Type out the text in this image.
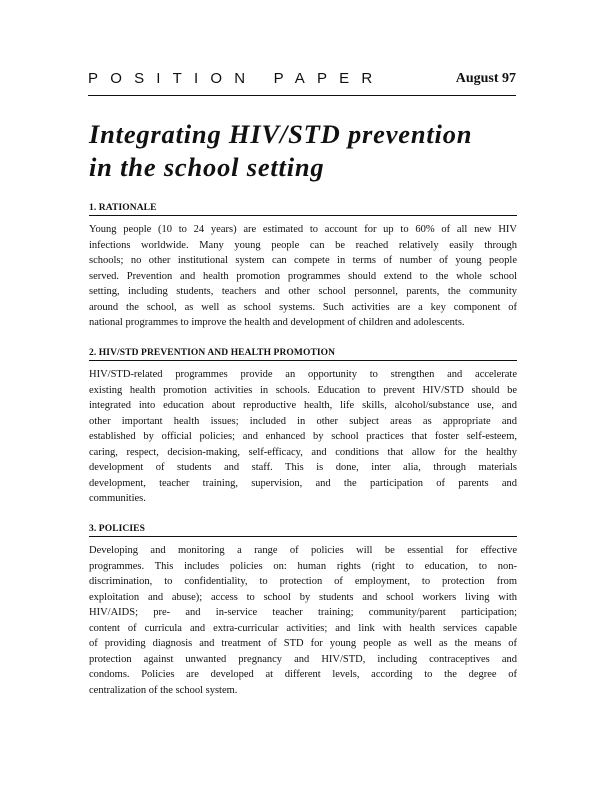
POSITION PAPER	August 97
Integrating HIV/STD prevention
in the school setting
1. RATIONALE
Young people (10 to 24 years) are estimated to account for up to 60% of all new HIV
infections worldwide. Many young people can be reached relatively easily through
schools; no other institutional system can compete in terms of number of young people
served. Prevention and health promotion programmes should extend to the whole school
setting, including students, teachers and other school personnel, parents, the community
around the school, as well as school systems. Such activities are a key component of
national programmes to improve the health and development of children and adolescents.
2. HIV/STD PREVENTION AND HEALTH PROMOTION
HIV/STD-related programmes provide an opportunity to strengthen and accelerate
existing health promotion activities in schools. Education to prevent HIV/STD should be
integrated into education about reproductive health, life skills, alcohol/substance use, and
other important health issues; included in other subject areas as appropriate and
established by official policies; and enhanced by school practices that foster self-esteem,
caring, respect, decision-making, self-efficacy, and conditions that allow for the healthy
development of students and staff. This is done, inter alia, through materials
development, teacher training, supervision, and the participation of parents and
communities.
3. POLICIES
Developing and monitoring a range of policies will be essential for effective
programmes. This includes policies on: human rights (right to education, to non-
discrimination, to confidentiality, to protection of employment, to protection from
exploitation and abuse); access to school by students and school workers living with
HIV/AIDS; pre- and in-service teacher training; community/parent participation;
content of curricula and extra-curricular activities; and link with health services capable
of providing diagnosis and treatment of STD for young people as well as the means of
protection against unwanted pregnancy and HIV/STD, including contraceptives and
condoms. Policies are developed at different levels, according to the degree of
centralization of the school system.
